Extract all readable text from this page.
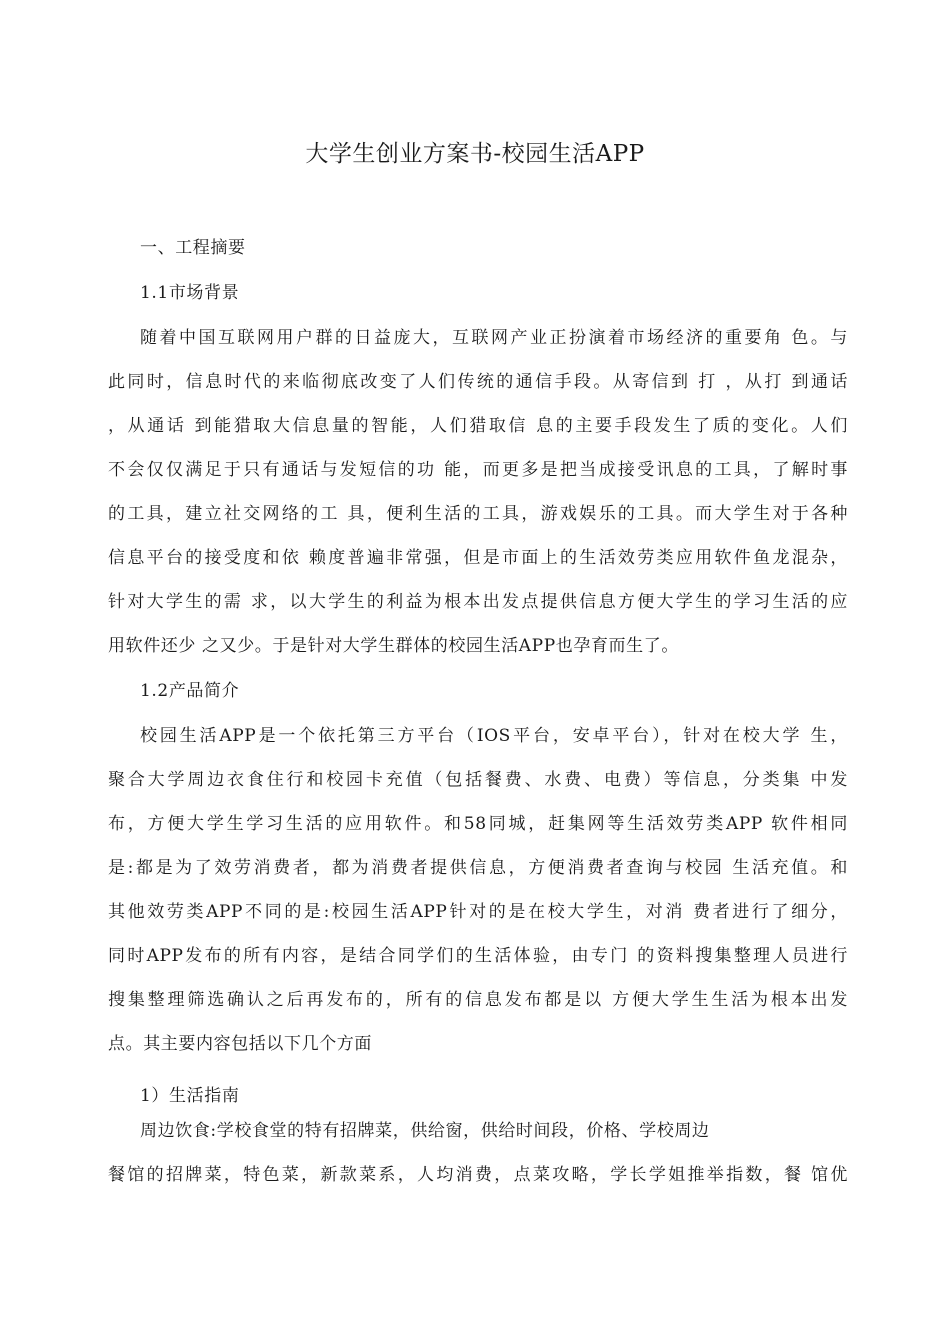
大学生创业方案书-校园生活APP
一、工程摘要
1.1市场背景
随着中国互联网用户群的日益庞大，互联网产业正扮演着市场经济的重要角 色。与
此同时，信息时代的来临彻底改变了人们传统的通信手段。从寄信到 打 ，从打 到通话
，从通话 到能猎取大信息量的智能，人们猎取信 息的主要手段发生了质的变化。人们
不会仅仅满足于只有通话与发短信的功 能，而更多是把当成接受讯息的工具，了解时事
的工具，建立社交网络的工 具，便利生活的工具，游戏娱乐的工具。而大学生对于各种
信息平台的接受度和依 赖度普遍非常强，但是市面上的生活效劳类应用软件鱼龙混杂，
针对大学生的需 求，以大学生的利益为根本出发点提供信息方便大学生的学习生活的应
用软件还少 之又少。于是针对大学生群体的校园生活APP也孕育而生了。
1.2产品简介
校园生活APP是一个依托第三方平台（IOS平台，安卓平台），针对在校大学 生，
聚合大学周边衣食住行和校园卡充值（包括餐费、水费、电费）等信息，分类集 中发
布，方便大学生学习生活的应用软件。和58同城，赶集网等生活效劳类APP 软件相同
是:都是为了效劳消费者，都为消费者提供信息，方便消费者查询与校园 生活充值。和
其他效劳类APP不同的是:校园生活APP针对的是在校大学生，对消 费者进行了细分，
同时APP发布的所有内容，是结合同学们的生活体验，由专门 的资料搜集整理人员进行
搜集整理筛选确认之后再发布的，所有的信息发布都是以 方便大学生生活为根本出发
点。其主要内容包括以下几个方面
1）生活指南
周边饮食:学校食堂的特有招牌菜，供给窗，供给时间段，价格、学校周边
餐馆的招牌菜，特色菜，新款菜系，人均消费，点菜攻略，学长学姐推举指数，餐 馆优
